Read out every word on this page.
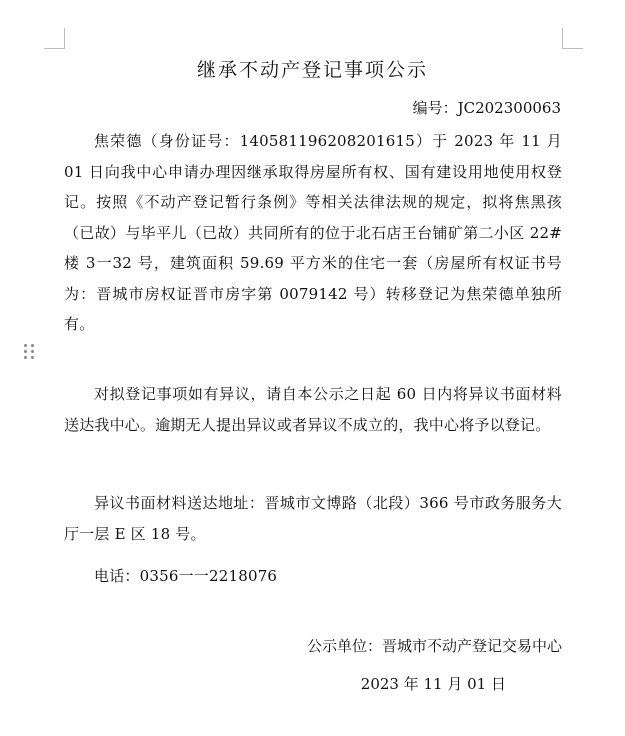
继承不动产登记事项公示
编号：JC202300063

焦荣德（身份证号：140581196208201615）于 2023 年 11 月 01 日向我中心申请办理因继承取得房屋所有权、国有建设用地使用权登记。按照《不动产登记暂行条例》等相关法律法规的规定，拟将焦黑孩（已故）与毕平儿（已故）共同所有的位于北石店王台铺矿第二小区 22#楼 3一32 号，建筑面积 59.69 平方米的住宅一套（房屋所有权证书号为：晋城市房权证晋市房字第 0079142 号）转移登记为焦荣德单独所有。

对拟登记事项如有异议，请自本公示之日起 60 日内将异议书面材料送达我中心。逾期无人提出异议或者异议不成立的，我中心将予以登记。

异议书面材料送达地址：晋城市文博路（北段）366 号市政务服务大厅一层 E 区 18 号。

电话：0356一一2218076

公示单位：晋城市不动产登记交易中心
2023 年 11 月 01 日
